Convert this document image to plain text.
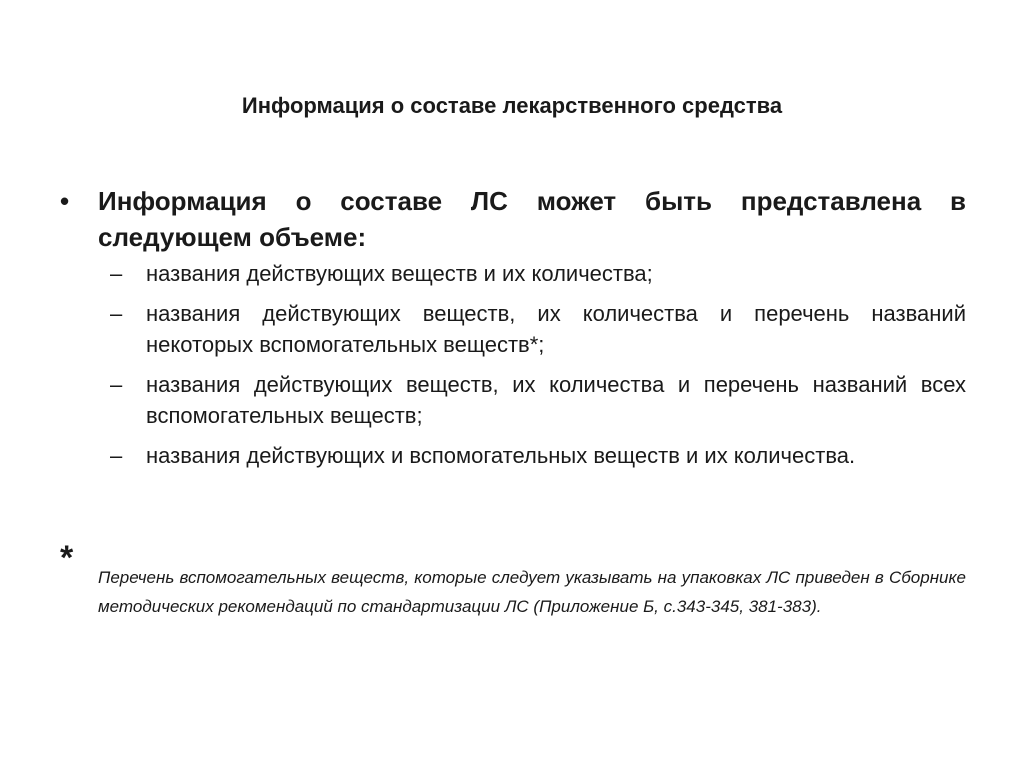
Информация о составе лекарственного средства
• Информация о составе ЛС может быть представлена в следующем объеме:
– названия действующих веществ и их количества;
– названия действующих веществ, их количества и перечень названий некоторых вспомогательных веществ*;
– названия действующих веществ, их количества и перечень названий всех вспомогательных веществ;
– названия действующих и вспомогательных веществ и их количества.
*
Перечень вспомогательных веществ, которые следует указывать на упаковках ЛС приведен в Сборнике методических рекомендаций по стандартизации ЛС (Приложение Б, с.343-345, 381-383).
